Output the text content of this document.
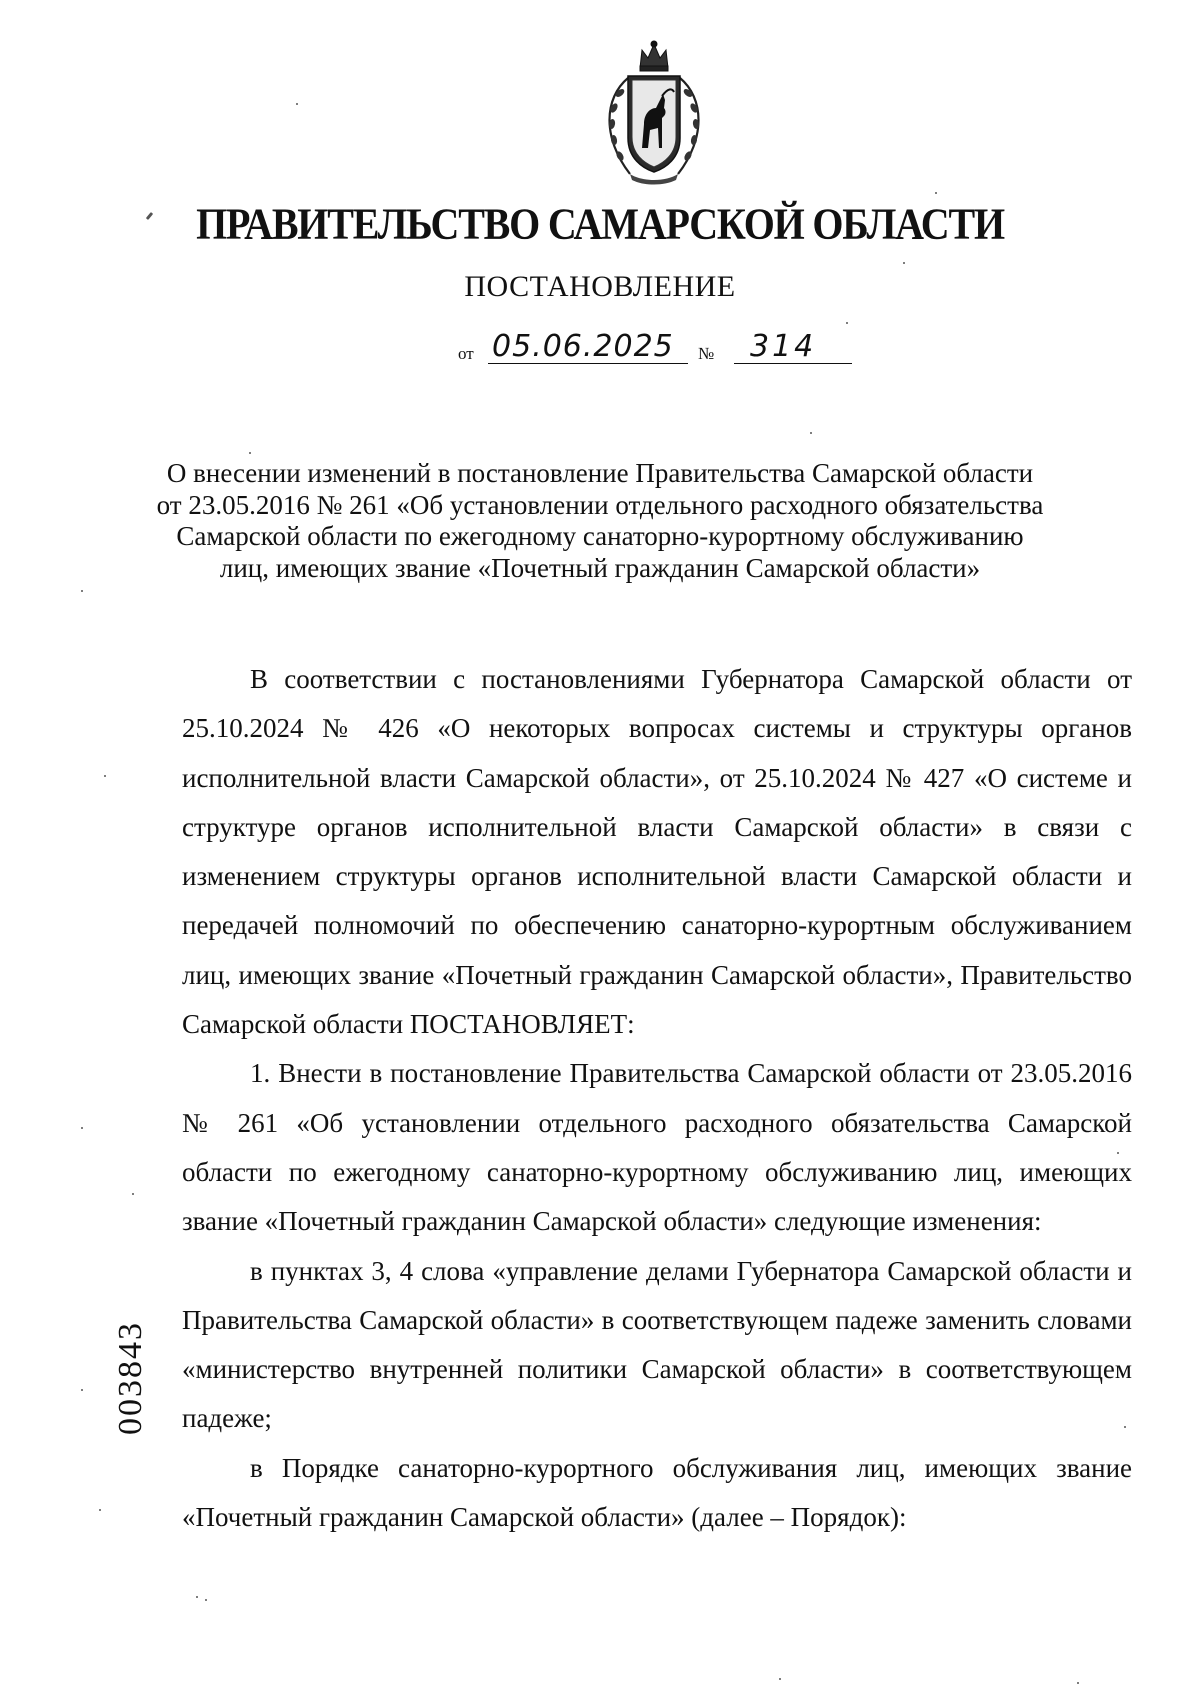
ПРАВИТЕЛЬСТВО САМАРСКОЙ ОБЛАСТИ
ПОСТАНОВЛЕНИЕ
от 05.06.2025	№	314
О внесении изменений в постановление Правительства Самарской области
от 23.05.2016 № 261 «Об установлении отдельного расходного обязательства
Самарской области по ежегодному санаторно-курортному обслуживанию
лиц, имеющих звание «Почетный гражданин Самарской области»

В соответствии с постановлениями Губернатора Самарской области от 25.10.2024 № 426 «О некоторых вопросах системы и структуры органов исполнительной власти Самарской области», от 25.10.2024 № 427 «О системе и структуре органов исполнительной власти Самарской области» в связи с изменением структуры органов исполнительной власти Самарской области и передачей полномочий по обеспечению санаторно-курортным обслуживанием лиц, имеющих звание «Почетный гражданин Самарской области», Правительство Самарской области ПОСТАНОВЛЯЕТ:

1. Внести в постановление Правительства Самарской области от 23.05.2016 № 261 «Об установлении отдельного расходного обязательства Самарской области по ежегодному санаторно-курортному обслуживанию лиц, имеющих звание «Почетный гражданин Самарской области» следующие изменения:

в пунктах 3, 4 слова «управление делами Губернатора Самарской области и Правительства Самарской области» в соответствующем падеже заменить словами «министерство внутренней политики Самарской области» в соответствующем падеже;

в Порядке санаторно-курортного обслуживания лиц, имеющих звание «Почетный гражданин Самарской области» (далее – Порядок):

003843
